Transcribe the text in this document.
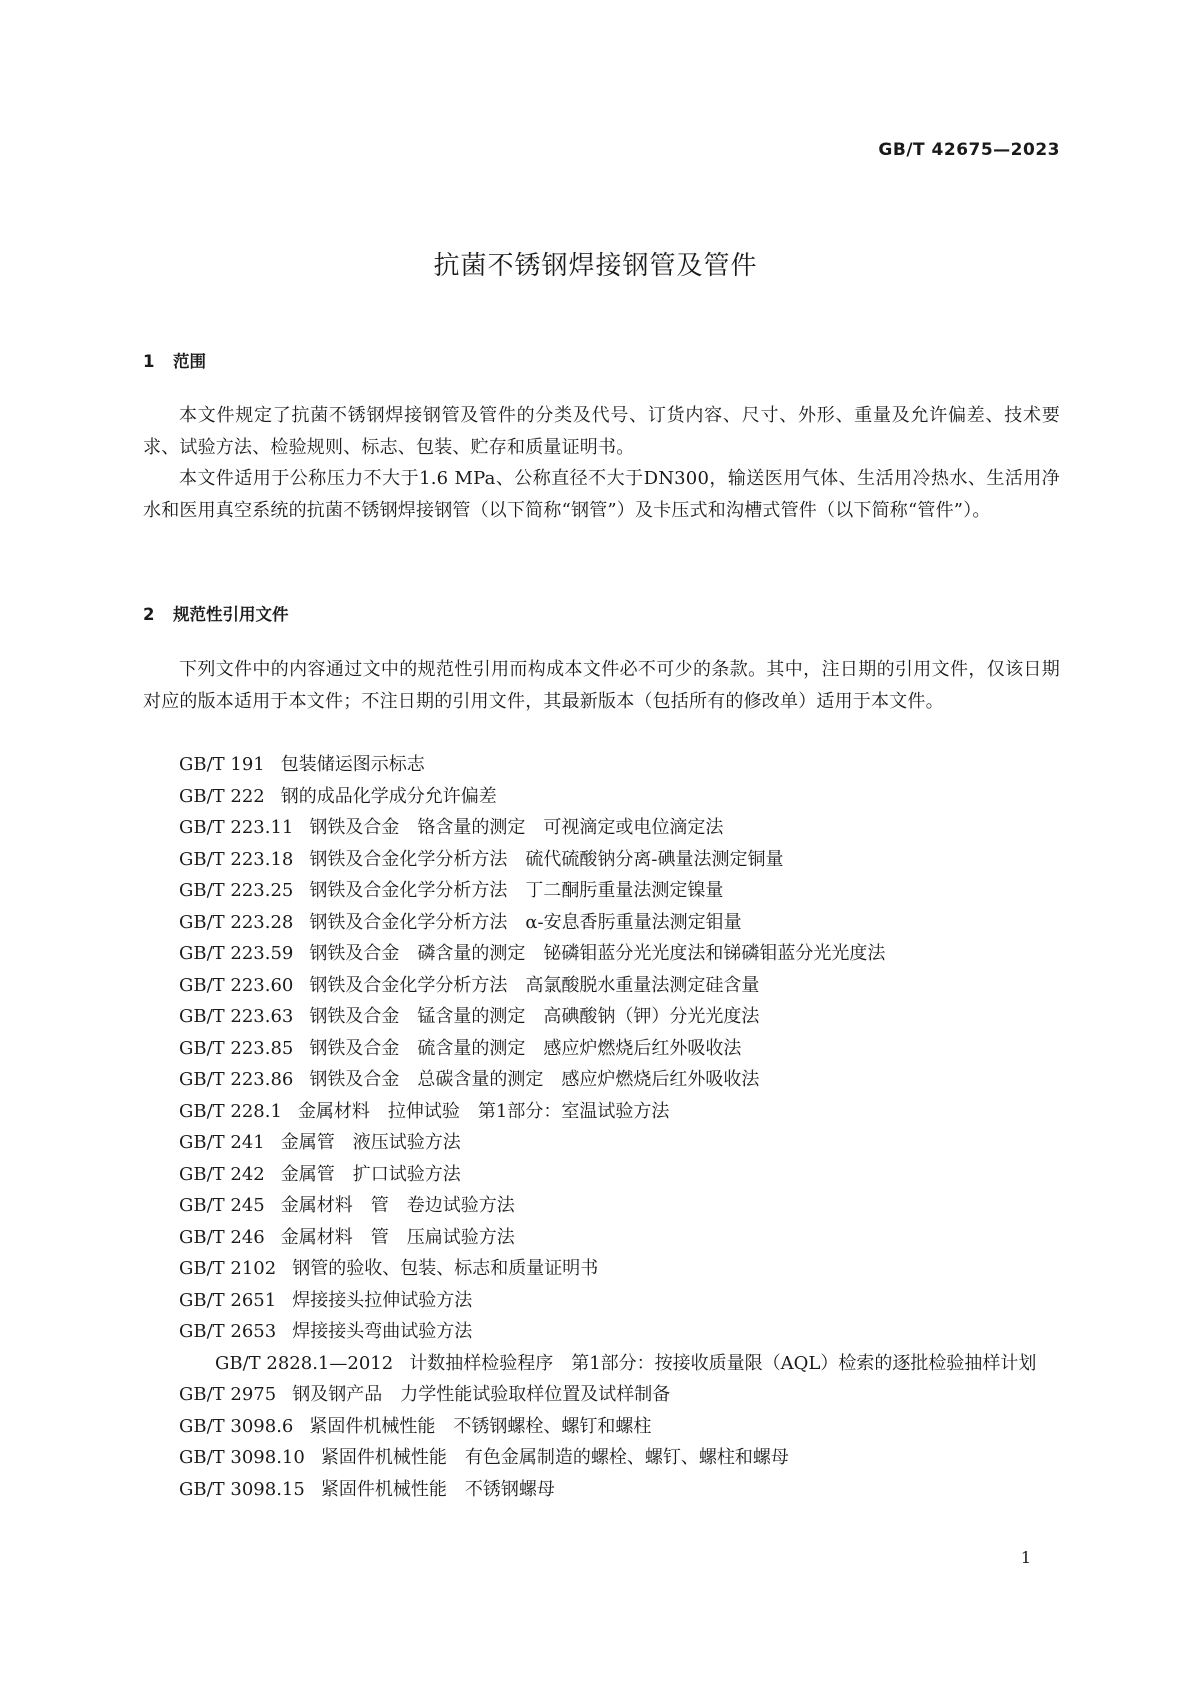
GB/T 42675—2023
抗菌不锈钢焊接钢管及管件
1 范围
本文件规定了抗菌不锈钢焊接钢管及管件的分类及代号、订货内容、尺寸、外形、重量及允许偏差、技术要求、试验方法、检验规则、标志、包装、贮存和质量证明书。
本文件适用于公称压力不大于1.6 MPa、公称直径不大于DN300，输送医用气体、生活用冷热水、生活用净水和医用真空系统的抗菌不锈钢焊接钢管（以下简称“钢管”）及卡压式和沟槽式管件（以下简称“管件”）。
2 规范性引用文件
下列文件中的内容通过文中的规范性引用而构成本文件必不可少的条款。其中，注日期的引用文件，仅该日期对应的版本适用于本文件；不注日期的引用文件，其最新版本（包括所有的修改单）适用于本文件。
GB/T 191 包装储运图示标志
GB/T 222 钢的成品化学成分允许偏差
GB/T 223.11 钢铁及合金　铬含量的测定　可视滴定或电位滴定法
GB/T 223.18 钢铁及合金化学分析方法　硫代硫酸钠分离-碘量法测定铜量
GB/T 223.25 钢铁及合金化学分析方法　丁二酮肟重量法测定镍量
GB/T 223.28 钢铁及合金化学分析方法　α-安息香肟重量法测定钼量
GB/T 223.59 钢铁及合金　磷含量的测定　铋磷钼蓝分光光度法和锑磷钼蓝分光光度法
GB/T 223.60 钢铁及合金化学分析方法　高氯酸脱水重量法测定硅含量
GB/T 223.63 钢铁及合金　锰含量的测定　高碘酸钠（钾）分光光度法
GB/T 223.85 钢铁及合金　硫含量的测定　感应炉燃烧后红外吸收法
GB/T 223.86 钢铁及合金　总碳含量的测定　感应炉燃烧后红外吸收法
GB/T 228.1 金属材料　拉伸试验　第1部分：室温试验方法
GB/T 241 金属管　液压试验方法
GB/T 242 金属管　扩口试验方法
GB/T 245 金属材料　管　卷边试验方法
GB/T 246 金属材料　管　压扁试验方法
GB/T 2102 钢管的验收、包装、标志和质量证明书
GB/T 2651 焊接接头拉伸试验方法
GB/T 2653 焊接接头弯曲试验方法
GB/T 2828.1—2012 计数抽样检验程序　第1部分：按接收质量限（AQL）检索的逐批检验抽样计划
GB/T 2975 钢及钢产品　力学性能试验取样位置及试样制备
GB/T 3098.6 紧固件机械性能　不锈钢螺栓、螺钉和螺柱
GB/T 3098.10 紧固件机械性能　有色金属制造的螺栓、螺钉、螺柱和螺母
GB/T 3098.15 紧固件机械性能　不锈钢螺母
1
